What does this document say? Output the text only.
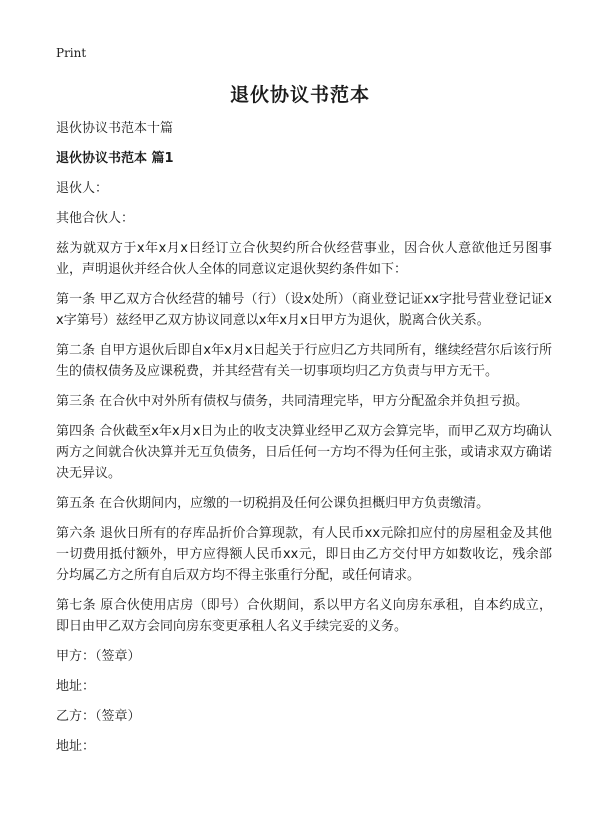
Print
退伙协议书范本

退伙协议书范本十篇

退伙协议书范本 篇1

退伙人：

其他合伙人：

兹为就双方于x年x月x日经订立合伙契约所合伙经营事业，因合伙人意欲他迁另图事业，声明退伙并经合伙人全体的同意议定退伙契约条件如下：

第一条 甲乙双方合伙经营的辅号（行）（设x处所）（商业登记证xx字批号营业登记证xx字第号）兹经甲乙双方协议同意以x年x月x日甲方为退伙，脱离合伙关系。

第二条 自甲方退伙后即自x年x月x日起关于行应归乙方共同所有，继续经营尔后该行所生的债权债务及应课税费，并其经营有关一切事项均归乙方负责与甲方无干。

第三条 在合伙中对外所有债权与债务，共同清理完毕，甲方分配盈余并负担亏损。

第四条 合伙截至x年x月x日为止的收支决算业经甲乙双方会算完毕，而甲乙双方均确认两方之间就合伙决算并无互负债务，日后任何一方均不得为任何主张，或请求双方确诺决无异议。

第五条 在合伙期间内，应缴的一切税捐及任何公课负担概归甲方负责缴清。

第六条 退伙日所有的存库品折价合算现款，有人民币xx元除扣应付的房屋租金及其他一切费用抵付额外，甲方应得额人民币xx元，即日由乙方交付甲方如数收讫，残余部分均属乙方之所有自后双方均不得主张重行分配，或任何请求。

第七条 原合伙使用店房（即号）合伙期间，系以甲方名义向房东承租，自本约成立，即日由甲乙双方会同向房东变更承租人名义手续完妥的义务。

甲方：（签章）

地址：

乙方：（签章）

地址：
